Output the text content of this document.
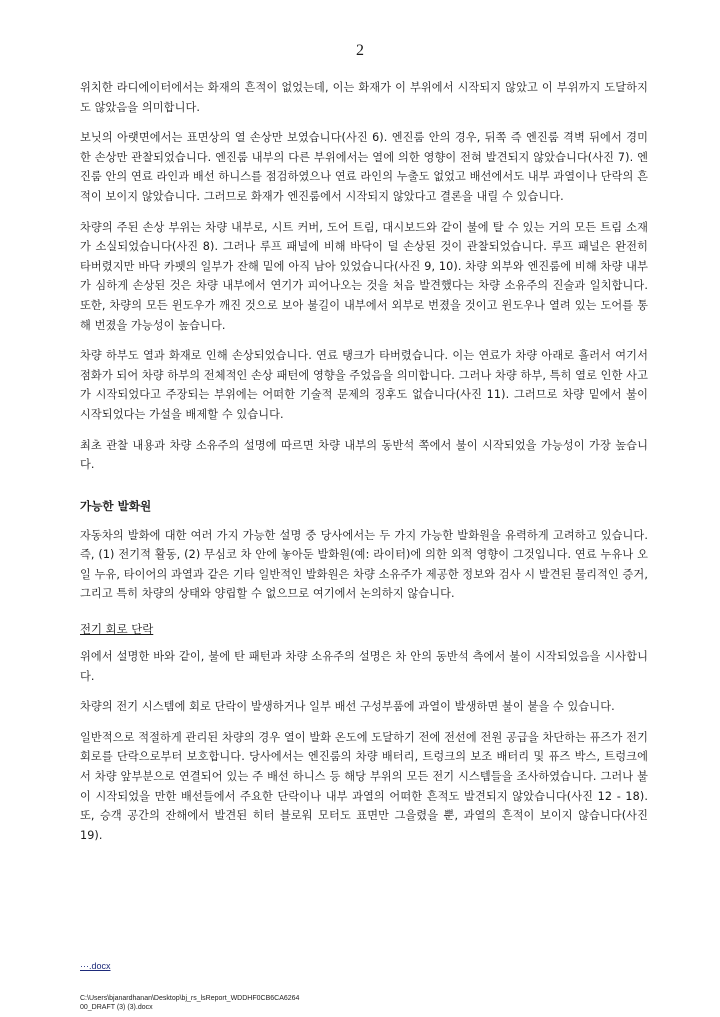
2

위치한 라디에이터에서는 화재의 흔적이 없었는데, 이는 화재가 이 부위에서 시작되지 않았고 이 부위까지 도달하지도 않았음을 의미합니다.

보닛의 아랫면에서는 표면상의 열 손상만 보였습니다(사진 6). 엔진룸 안의 경우, 뒤쪽 즉 엔진룸 격벽 뒤에서 경미한 손상만 관찰되었습니다. 엔진룸 내부의 다른 부위에서는 열에 의한 영향이 전혀 발견되지 않았습니다(사진 7). 엔진룸 안의 연료 라인과 배선 하니스를 점검하였으나 연료 라인의 누출도 없었고 배선에서도 내부 과열이나 단락의 흔적이 보이지 않았습니다. 그러므로 화재가 엔진룸에서 시작되지 않았다고 결론을 내릴 수 있습니다.

차량의 주된 손상 부위는 차량 내부로, 시트 커버, 도어 트림, 대시보드와 같이 불에 탈 수 있는 거의 모든 트림 소재가 소실되었습니다(사진 8). 그러나 루프 패널에 비해 바닥이 덜 손상된 것이 관찰되었습니다. 루프 패널은 완전히 타버렸지만 바닥 카펫의 일부가 잔해 밑에 아직 남아 있었습니다(사진 9, 10). 차량 외부와 엔진룸에 비해 차량 내부가 심하게 손상된 것은 차량 내부에서 연기가 피어나오는 것을 처음 발견했다는 차량 소유주의 진술과 일치합니다. 또한, 차량의 모든 윈도우가 깨진 것으로 보아 불길이 내부에서 외부로 번졌을 것이고 윈도우나 열려 있는 도어를 통해 번졌을 가능성이 높습니다.

차량 하부도 열과 화재로 인해 손상되었습니다. 연료 탱크가 타버렸습니다. 이는 연료가 차량 아래로 흘러서 여기서 점화가 되어 차량 하부의 전체적인 손상 패턴에 영향을 주었음을 의미합니다. 그러나 차량 하부, 특히 열로 인한 사고가 시작되었다고 주장되는 부위에는 어떠한 기술적 문제의 징후도 없습니다(사진 11). 그러므로 차량 밑에서 불이 시작되었다는 가설을 배제할 수 있습니다.

최초 관찰 내용과 차량 소유주의 설명에 따르면 차량 내부의 동반석 쪽에서 불이 시작되었을 가능성이 가장 높습니다.

가능한 발화원

자동차의 발화에 대한 여러 가지 가능한 설명 중 당사에서는 두 가지 가능한 발화원을 유력하게 고려하고 있습니다. 즉, (1) 전기적 활동, (2) 무심코 차 안에 놓아둔 발화원(예: 라이터)에 의한 외적 영향이 그것입니다. 연료 누유나 오일 누유, 타이어의 과열과 같은 기타 일반적인 발화원은 차량 소유주가 제공한 정보와 검사 시 발견된 물리적인 증거, 그리고 특히 차량의 상태와 양립할 수 없으므로 여기에서 논의하지 않습니다.

전기 회로 단락

위에서 설명한 바와 같이, 불에 탄 패턴과 차량 소유주의 설명은 차 안의 동반석 측에서 불이 시작되었음을 시사합니다.

차량의 전기 시스템에 회로 단락이 발생하거나 일부 배선 구성부품에 과열이 발생하면 불이 붙을 수 있습니다.

일반적으로 적절하게 관리된 차량의 경우 열이 발화 온도에 도달하기 전에 전선에 전원 공급을 차단하는 퓨즈가 전기 회로를 단락으로부터 보호합니다. 당사에서는 엔진룸의 차량 배터리, 트렁크의 보조 배터리 및 퓨즈 박스, 트렁크에서 차량 앞부분으로 연결되어 있는 주 배선 하니스 등 해당 부위의 모든 전기 시스템들을 조사하였습니다. 그러나 불이 시작되었을 만한 배선들에서 주요한 단락이나 내부 과열의 어떠한 흔적도 발견되지 않았습니다(사진 12 - 18). 또, 승객 공간의 잔해에서 발견된 히터 블로워 모터도 표면만 그을렸을 뿐, 과열의 흔적이 보이지 않습니다(사진 19).

···.docx
C:\Users\bjanardhanan\Desktop\bj_rs_lsReport_WDDHF0CB6CA6264
00_DRAFT (3) (3).docx
